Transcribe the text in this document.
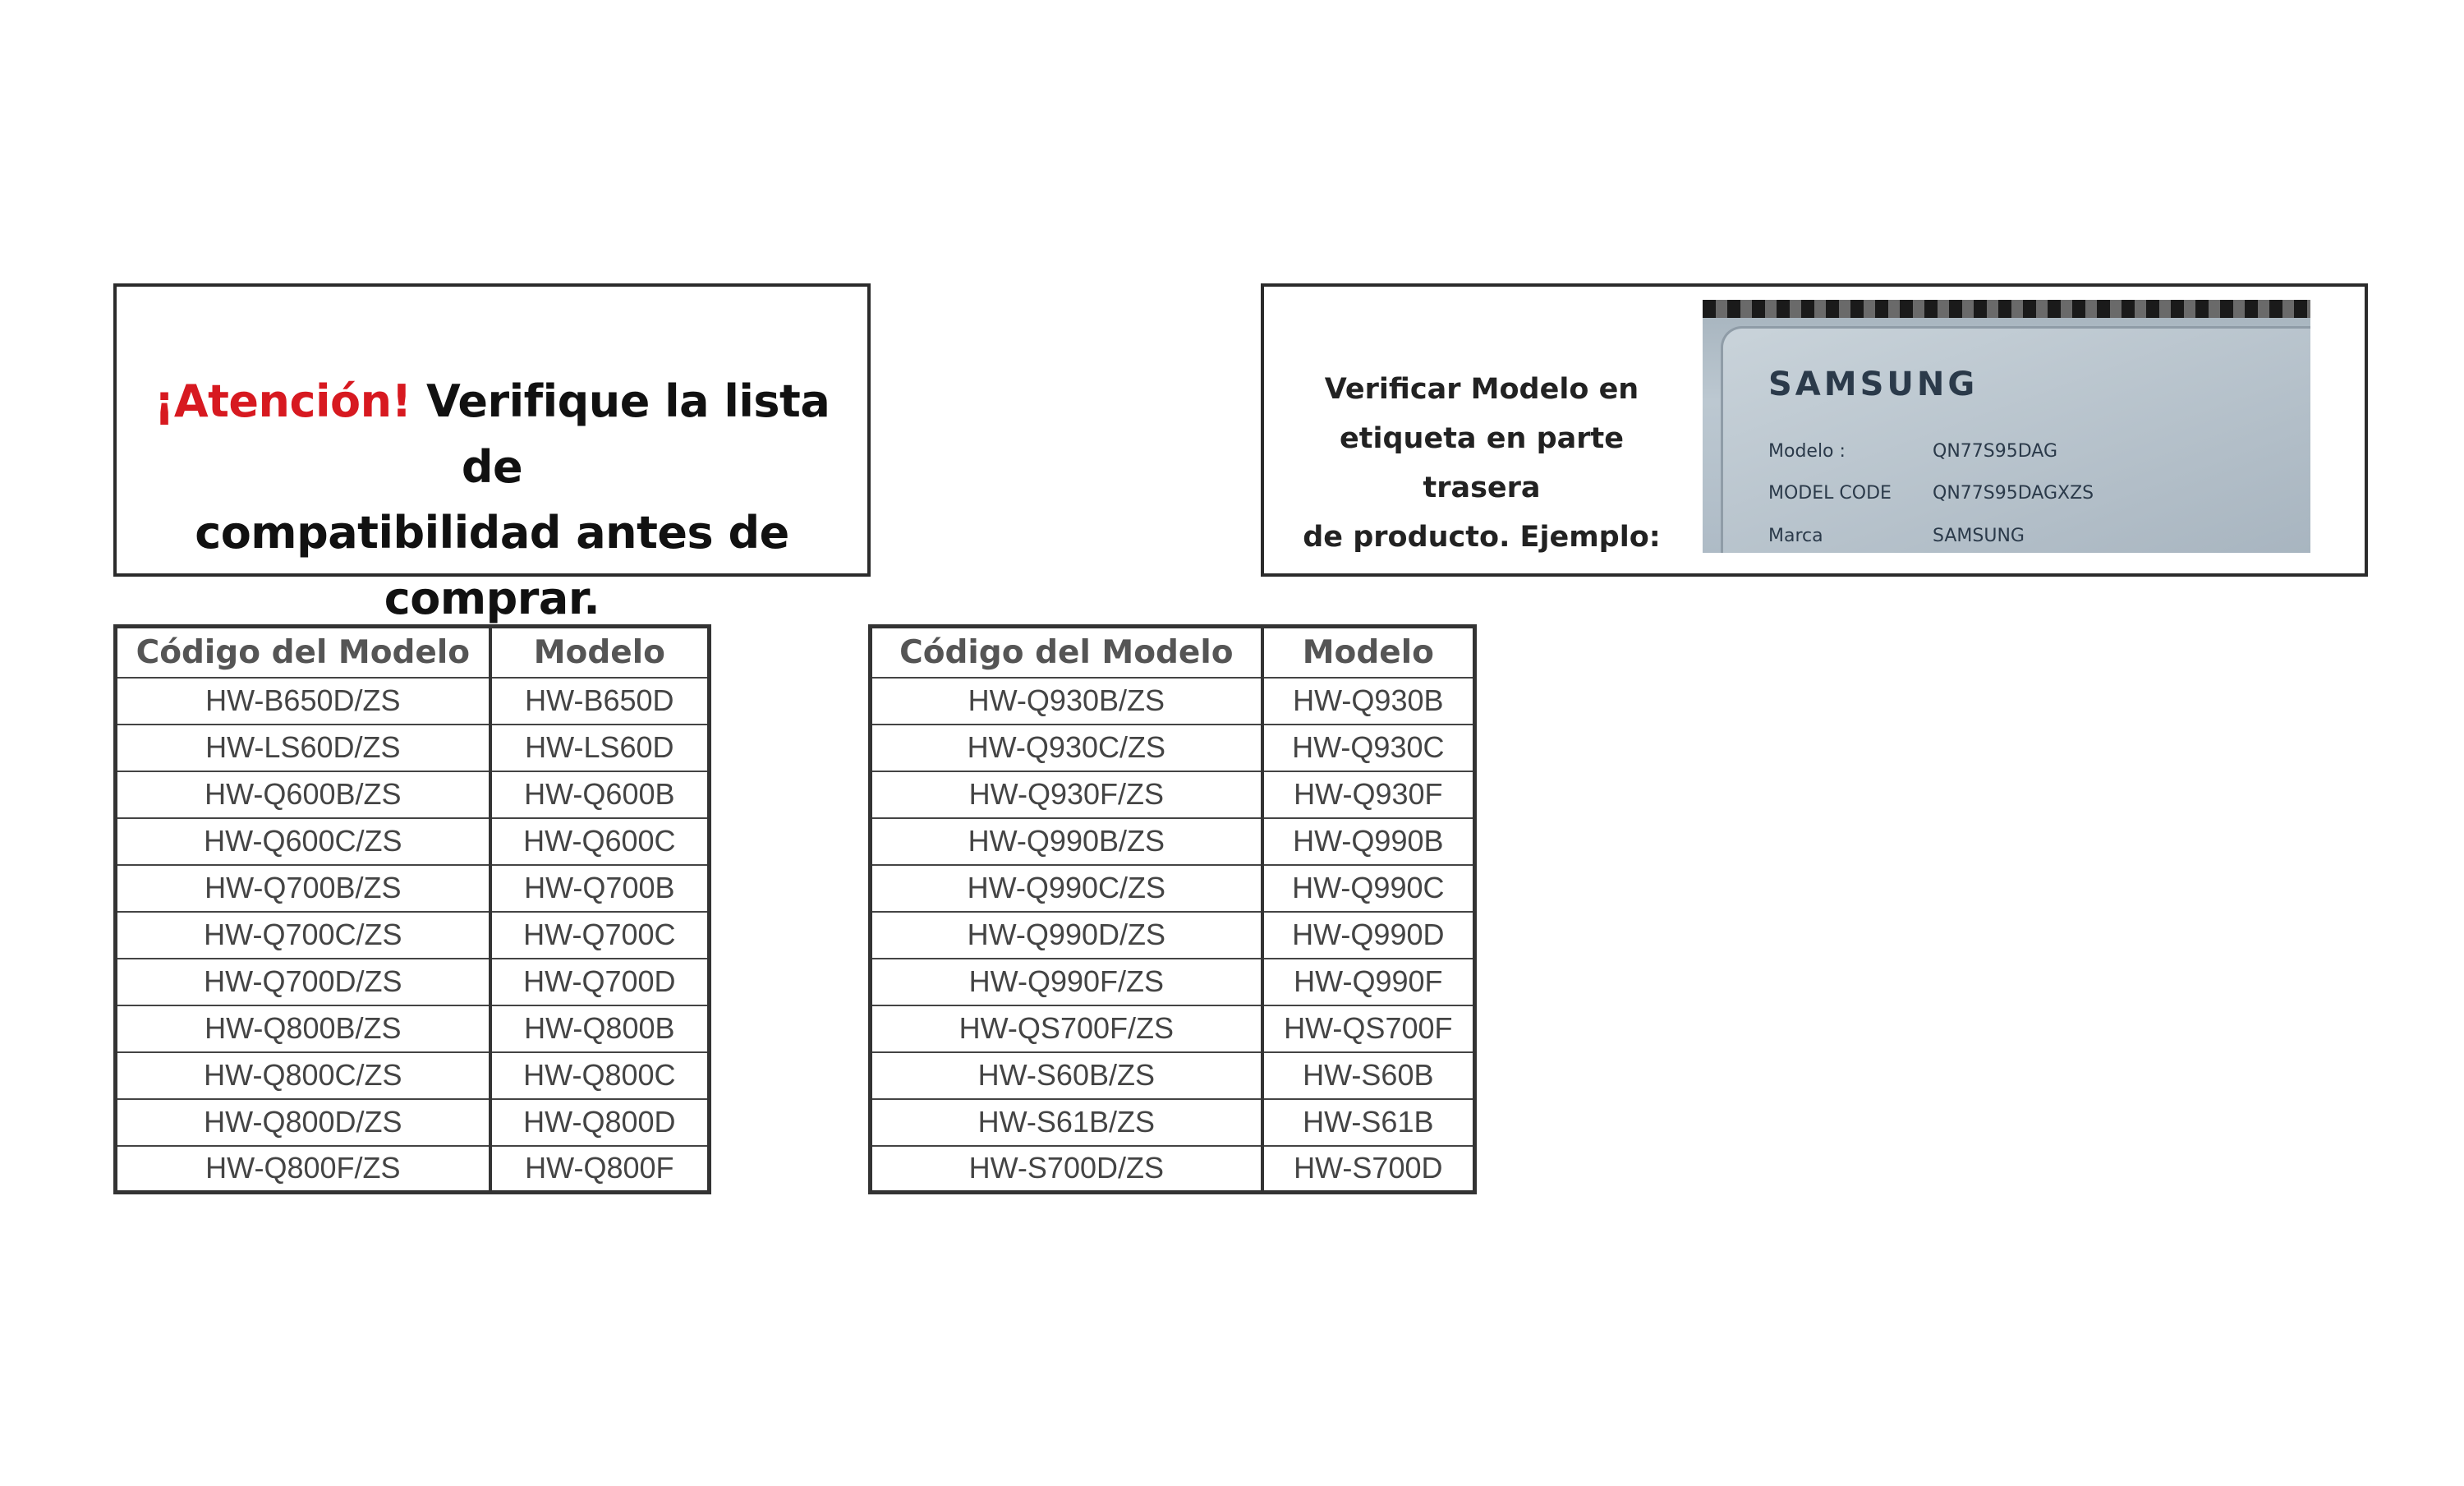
¡Atención! Verifique la lista de
compatibilidad antes de comprar.
Verificar Modelo en
etiqueta en parte trasera
de producto. Ejemplo:
SAMSUNG
Modelo :	QN77S95DAG
MODEL CODE QN77S95DAGXZS
Marca	SAMSUNG
Código del Modelo	Modelo
HW-B650D/ZS	HW-B650D
HW-LS60D/ZS	HW-LS60D
HW-Q600B/ZS	HW-Q600B
HW-Q600C/ZS	HW-Q600C
HW-Q700B/ZS	HW-Q700B
HW-Q700C/ZS	HW-Q700C
HW-Q700D/ZS	HW-Q700D
HW-Q800B/ZS	HW-Q800B
HW-Q800C/ZS	HW-Q800C
HW-Q800D/ZS	HW-Q800D
HW-Q800F/ZS	HW-Q800F
Código del Modelo	Modelo
HW-Q930B/ZS	HW-Q930B
HW-Q930C/ZS	HW-Q930C
HW-Q930F/ZS	HW-Q930F
HW-Q990B/ZS	HW-Q990B
HW-Q990C/ZS	HW-Q990C
HW-Q990D/ZS	HW-Q990D
HW-Q990F/ZS	HW-Q990F
HW-QS700F/ZS	HW-QS700F
HW-S60B/ZS	HW-S60B
HW-S61B/ZS	HW-S61B
HW-S700D/ZS	HW-S700D
